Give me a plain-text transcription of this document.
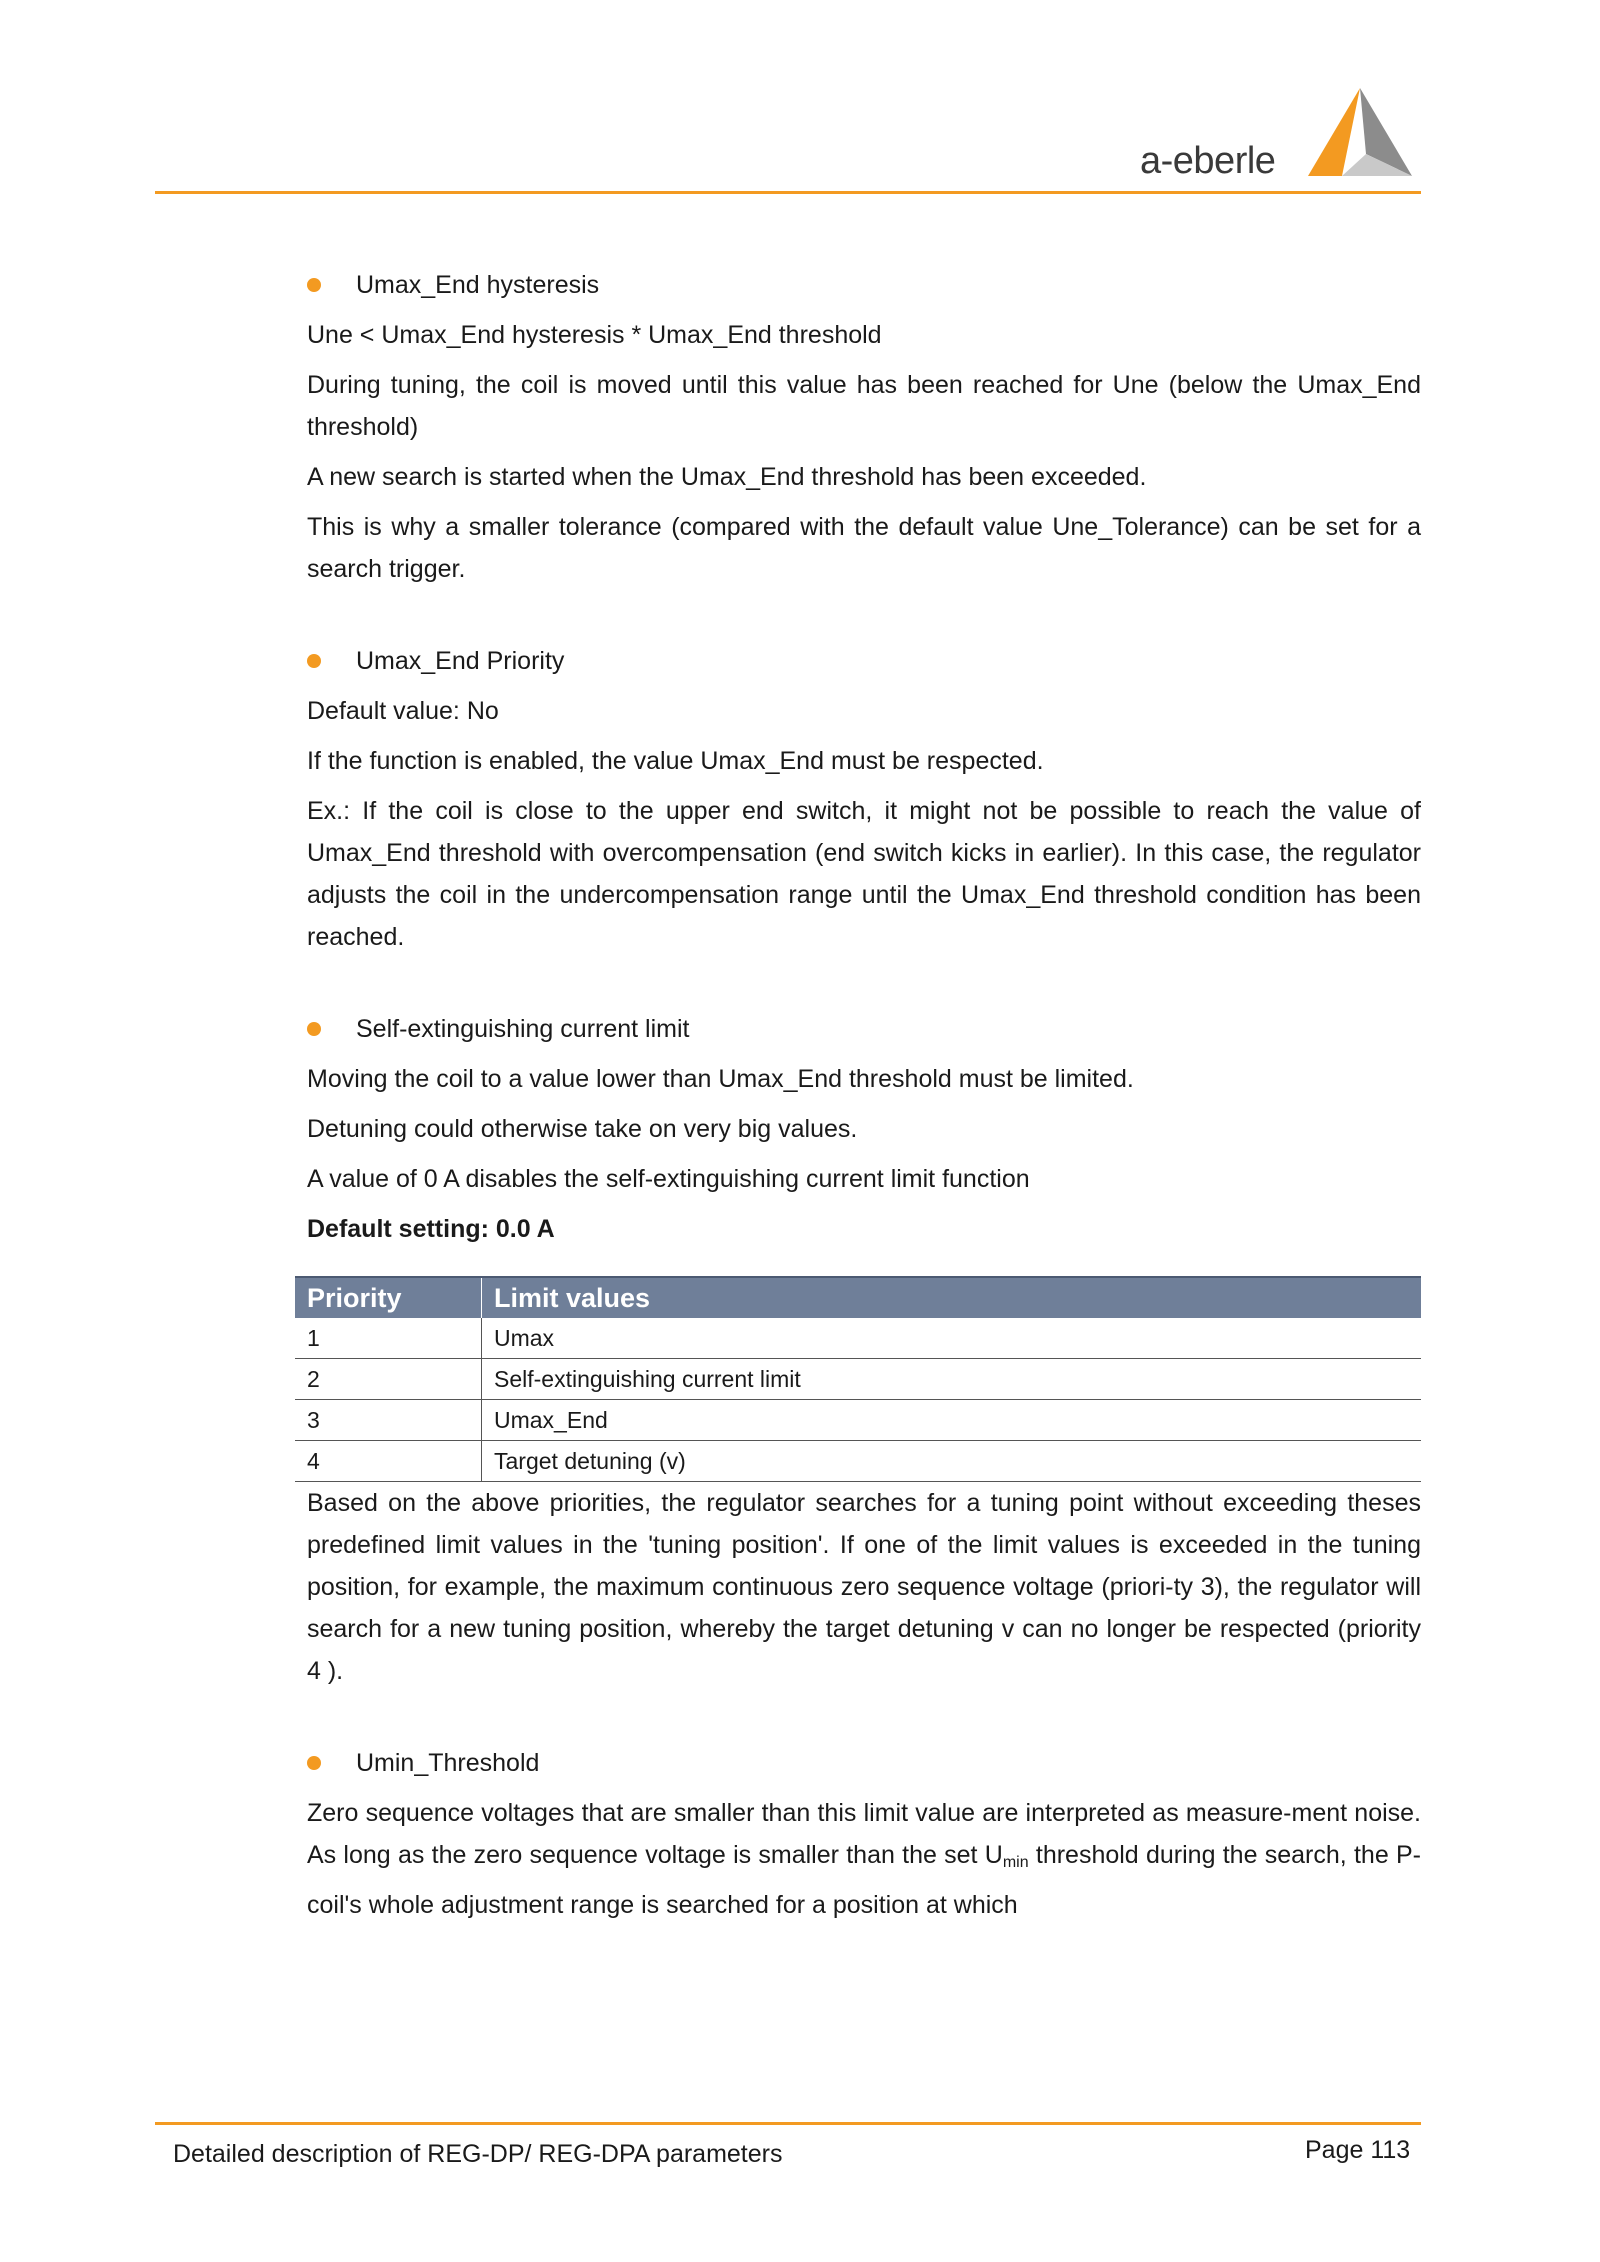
a-eberle
Umax_End hysteresis

Une < Umax_End hysteresis * Umax_End threshold

During tuning, the coil is moved until this value has been reached for Une (below the Umax_End threshold)

A new search is started when the Umax_End threshold has been exceeded.

This is why a smaller tolerance (compared with the default value Une_Tolerance) can be set for a search trigger.

Umax_End Priority

Default value: No

If the function is enabled, the value Umax_End must be respected.

Ex.: If the coil is close to the upper end switch, it might not be possible to reach the value of Umax_End threshold with overcompensation (end switch kicks in earlier). In this case, the regulator adjusts the coil in the undercompensation range until the Umax_End threshold condition has been reached.

Self-extinguishing current limit

Moving the coil to a value lower than Umax_End threshold must be limited.

Detuning could otherwise take on very big values.

A value of 0 A disables the self-extinguishing current limit function

Default setting: 0.0 A

Priority	Limit values
1	Umax
2	Self-extinguishing current limit
3	Umax_End
4	Target detuning (v)

Based on the above priorities, the regulator searches for a tuning point without exceeding theses predefined limit values in the 'tuning position'. If one of the limit values is exceeded in the tuning position, for example, the maximum continuous zero sequence voltage (priori-ty 3), the regulator will search for a new tuning position, whereby the target detuning v can no longer be respected (priority 4 ).

Umin_Threshold

Zero sequence voltages that are smaller than this limit value are interpreted as measure-ment noise. As long as the zero sequence voltage is smaller than the set $U_{min}$ threshold during the search, the P-coil's whole adjustment range is searched for a position at which

Detailed description of REG-DP/ REG-DPA parameters	Page 113
